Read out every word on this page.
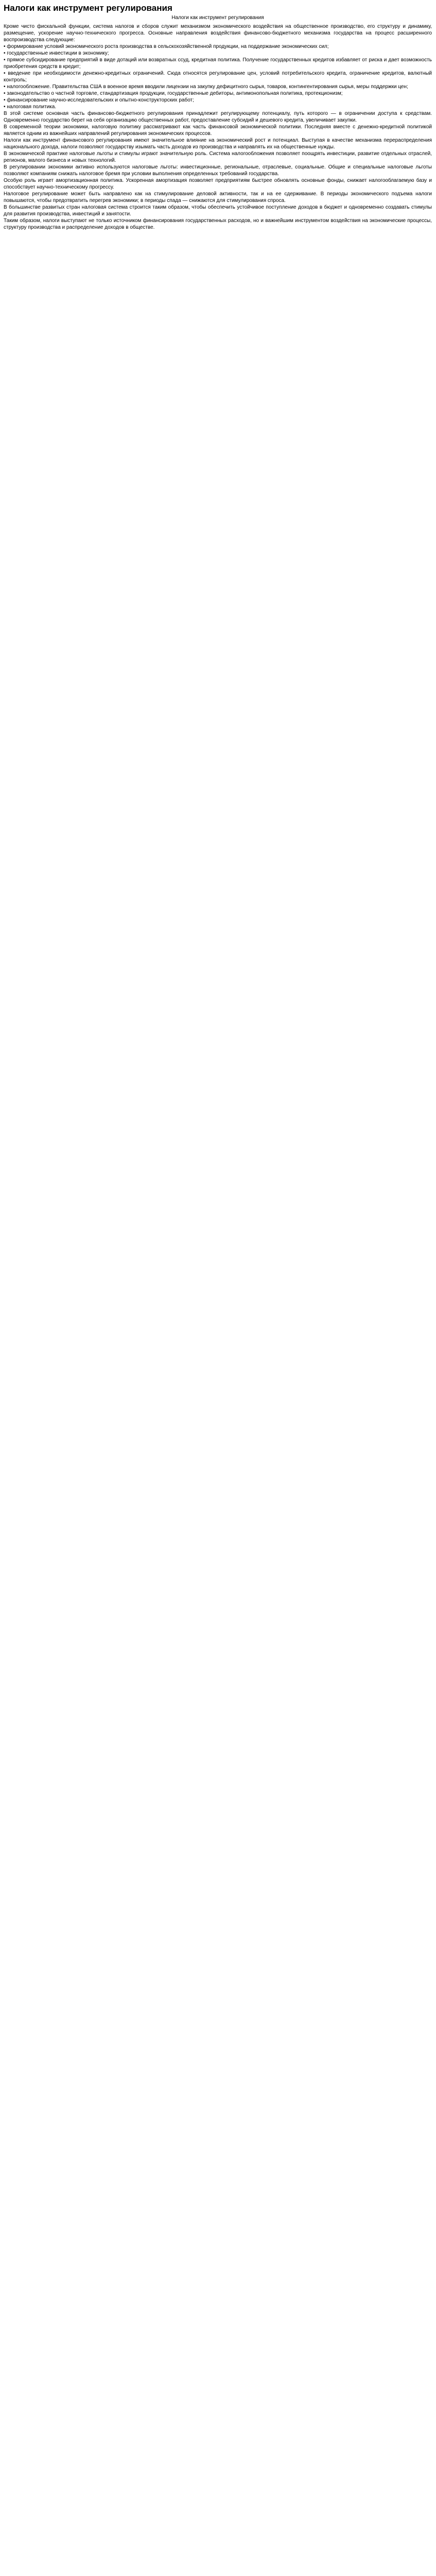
Налоги как инструмент регулирования
Налоги как инструмент регулирования

Кроме чисто фискальной функции, система налогов и сборов служит механизмом экономического воздействия на общественное производство, его структуру и динамику, размещение, ускорение научно-технического прогресса. Основные направления воздействия финансово-бюджетного механизма государства на процесс расширенного воспроизводства следующие:

• формирование условий экономического роста производства в сельскохозяйственной продукции, на поддержание экономических сил;

• государственные инвестиции в экономику;

• прямое субсидирование предприятий в виде дотаций или возвратных ссуд, кредитная политика. Получение государственных кредитов избавляет от риска и дает возможность приобретения средств в кредит;

• введение при необходимости денежно-кредитных ограничений. Сюда относятся регулирование цен, условий потребительского кредита, ограничение кредитов, валютный контроль;

• налогообложение. Правительства США в военное время вводили лицензии на закупку дефицитного сырья, товаров, контингентирования сырья, меры поддержки цен;

• законодательство о частной торговле, стандартизация продукции, государственные дебиторы, антимонопольная политика, протекционизм;

• финансирование научно-исследовательских и опытно-конструкторских работ;

• налоговая политика.

В этой системе основная часть финансово-бюджетного регулирования принадлежит регулирующему потенциалу, путь которого — в ограничении доступа к средствам. Одновременно государство берет на себя организацию общественных работ, предоставление субсидий и дешевого кредита, увеличивает закупки.

В современной теории экономики, налоговую политику рассматривают как часть финансовой экономической политики. Последняя вместе с денежно-кредитной политикой является одним из важнейших направлений регулирования экономических процессов.

Налоги как инструмент финансового регулирования имеют значительное влияние на экономический рост и потенциал. Выступая в качестве механизма перераспределения национального дохода, налоги позволяют государству изымать часть доходов из производства и направлять их на общественные нужды.

В экономической практике налоговые льготы и стимулы играют значительную роль. Система налогообложения позволяет поощрять инвестиции, развитие отдельных отраслей, регионов, малого бизнеса и новых технологий.

В регулировании экономики активно используются налоговые льготы: инвестиционные, региональные, отраслевые, социальные. Общие и специальные налоговые льготы позволяют компаниям снижать налоговое бремя при условии выполнения определенных требований государства.

Особую роль играет амортизационная политика. Ускоренная амортизация позволяет предприятиям быстрее обновлять основные фонды, снижает налогооблагаемую базу и способствует научно-техническому прогрессу.

Налоговое регулирование может быть направлено как на стимулирование деловой активности, так и на ее сдерживание. В периоды экономического подъема налоги повышаются, чтобы предотвратить перегрев экономики; в периоды спада — снижаются для стимулирования спроса.

В большинстве развитых стран налоговая система строится таким образом, чтобы обеспечить устойчивое поступление доходов в бюджет и одновременно создавать стимулы для развития производства, инвестиций и занятости.

Таким образом, налоги выступают не только источником финансирования государственных расходов, но и важнейшим инструментом воздействия на экономические процессы, структуру производства и распределение доходов в обществе.
